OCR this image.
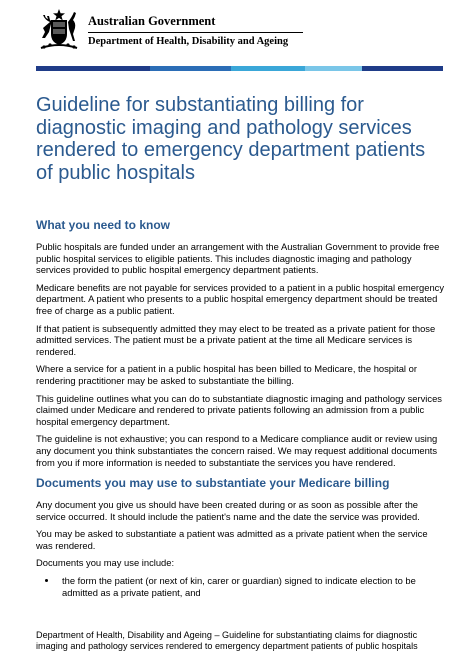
Australian Government
Department of Health, Disability and Ageing
Guideline for substantiating billing for diagnostic imaging and pathology services rendered to emergency department patients of public hospitals
What you need to know

Public hospitals are funded under an arrangement with the Australian Government to provide free public hospital services to eligible patients. This includes diagnostic imaging and pathology services provided to public hospital emergency department patients.

Medicare benefits are not payable for services provided to a patient in a public hospital emergency department. A patient who presents to a public hospital emergency department should be treated free of charge as a public patient.

If that patient is subsequently admitted they may elect to be treated as a private patient for those admitted services. The patient must be a private patient at the time all Medicare services is rendered.

Where a service for a patient in a public hospital has been billed to Medicare, the hospital or rendering practitioner may be asked to substantiate the billing.

This guideline outlines what you can do to substantiate diagnostic imaging and pathology services claimed under Medicare and rendered to private patients following an admission from a public hospital emergency department.

The guideline is not exhaustive; you can respond to a Medicare compliance audit or review using any document you think substantiates the concern raised. We may request additional documents from you if more information is needed to substantiate the services you have rendered.

Documents you may use to substantiate your Medicare billing

Any document you give us should have been created during or as soon as possible after the service occurred. It should include the patient's name and the date the service was provided.

You may be asked to substantiate a patient was admitted as a private patient when the service was rendered.

Documents you may use include:

• the form the patient (or next of kin, carer or guardian) signed to indicate election to be admitted as a private patient, and
Department of Health, Disability and Ageing – Guideline for substantiating claims for diagnostic imaging and pathology services rendered to emergency department patients of public hospitals
